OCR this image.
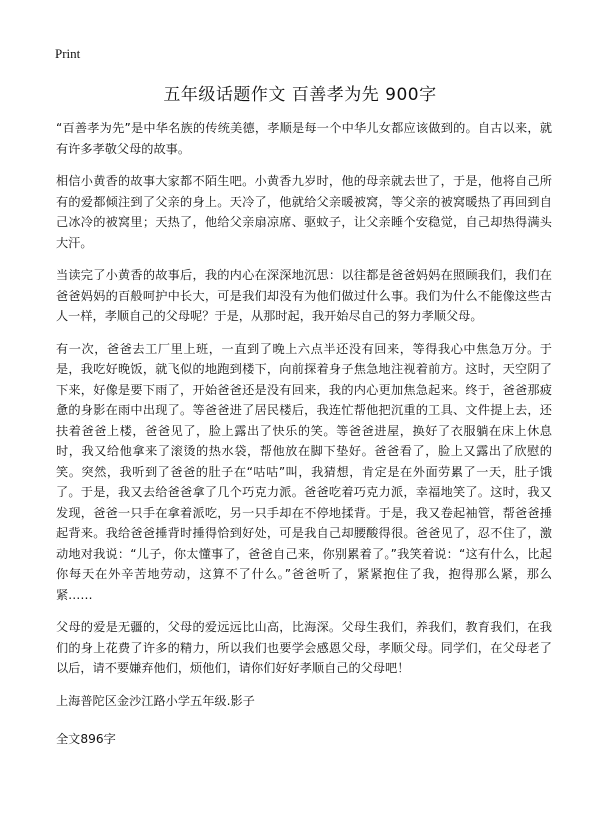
Print
五年级话题作文 百善孝为先 900字

“百善孝为先”是中华名族的传统美德，孝顺是每一个中华儿女都应该做到的。自古以来，就有许多孝敬父母的故事。

相信小黄香的故事大家都不陌生吧。小黄香九岁时，他的母亲就去世了，于是，他将自己所有的爱都倾注到了父亲的身上。天冷了，他就给父亲暖被窝，等父亲的被窝暖热了再回到自己冰冷的被窝里；天热了，他给父亲扇凉席、驱蚊子，让父亲睡个安稳觉，自己却热得满头大汗。

当读完了小黄香的故事后，我的内心在深深地沉思：以往都是爸爸妈妈在照顾我们，我们在爸爸妈妈的百般呵护中长大，可是我们却没有为他们做过什么事。我们为什么不能像这些古人一样，孝顺自己的父母呢？于是，从那时起，我开始尽自己的努力孝顺父母。

有一次，爸爸去工厂里上班，一直到了晚上六点半还没有回来，等得我心中焦急万分。于是，我吃好晚饭，就飞似的地跑到楼下，向前探着身子焦急地注视着前方。这时，天空阴了下来，好像是要下雨了，开始爸爸还是没有回来，我的内心更加焦急起来。终于，爸爸那疲惫的身影在雨中出现了。等爸爸进了居民楼后，我连忙帮他把沉重的工具、文件提上去，还扶着爸爸上楼，爸爸见了，脸上露出了快乐的笑。等爸爸进屋，换好了衣服躺在床上休息时，我又给他拿来了滚烫的热水袋，帮他放在脚下垫好。爸爸看了，脸上又露出了欣慰的笑。突然，我听到了爸爸的肚子在“咕咕”叫，我猜想，肯定是在外面劳累了一天，肚子饿了。于是，我又去给爸爸拿了几个巧克力派。爸爸吃着巧克力派，幸福地笑了。这时，我又发现，爸爸一只手在拿着派吃，另一只手却在不停地揉背。于是，我又卷起袖管，帮爸爸捶起背来。我给爸爸捶背时捶得恰到好处，可是我自己却腰酸得很。爸爸见了，忍不住了，激动地对我说：“儿子，你太懂事了，爸爸自己来，你别累着了。”我笑着说：“这有什么，比起你每天在外辛苦地劳动，这算不了什么。”爸爸听了，紧紧抱住了我，抱得那么紧，那么紧……

父母的爱是无疆的，父母的爱远远比山高，比海深。父母生我们，养我们，教育我们，在我们的身上花费了许多的精力，所以我们也要学会感恩父母，孝顺父母。同学们，在父母老了以后，请不要嫌弃他们，烦他们，请你们好好孝顺自己的父母吧！

上海普陀区金沙江路小学五年级.影子

全文896字
